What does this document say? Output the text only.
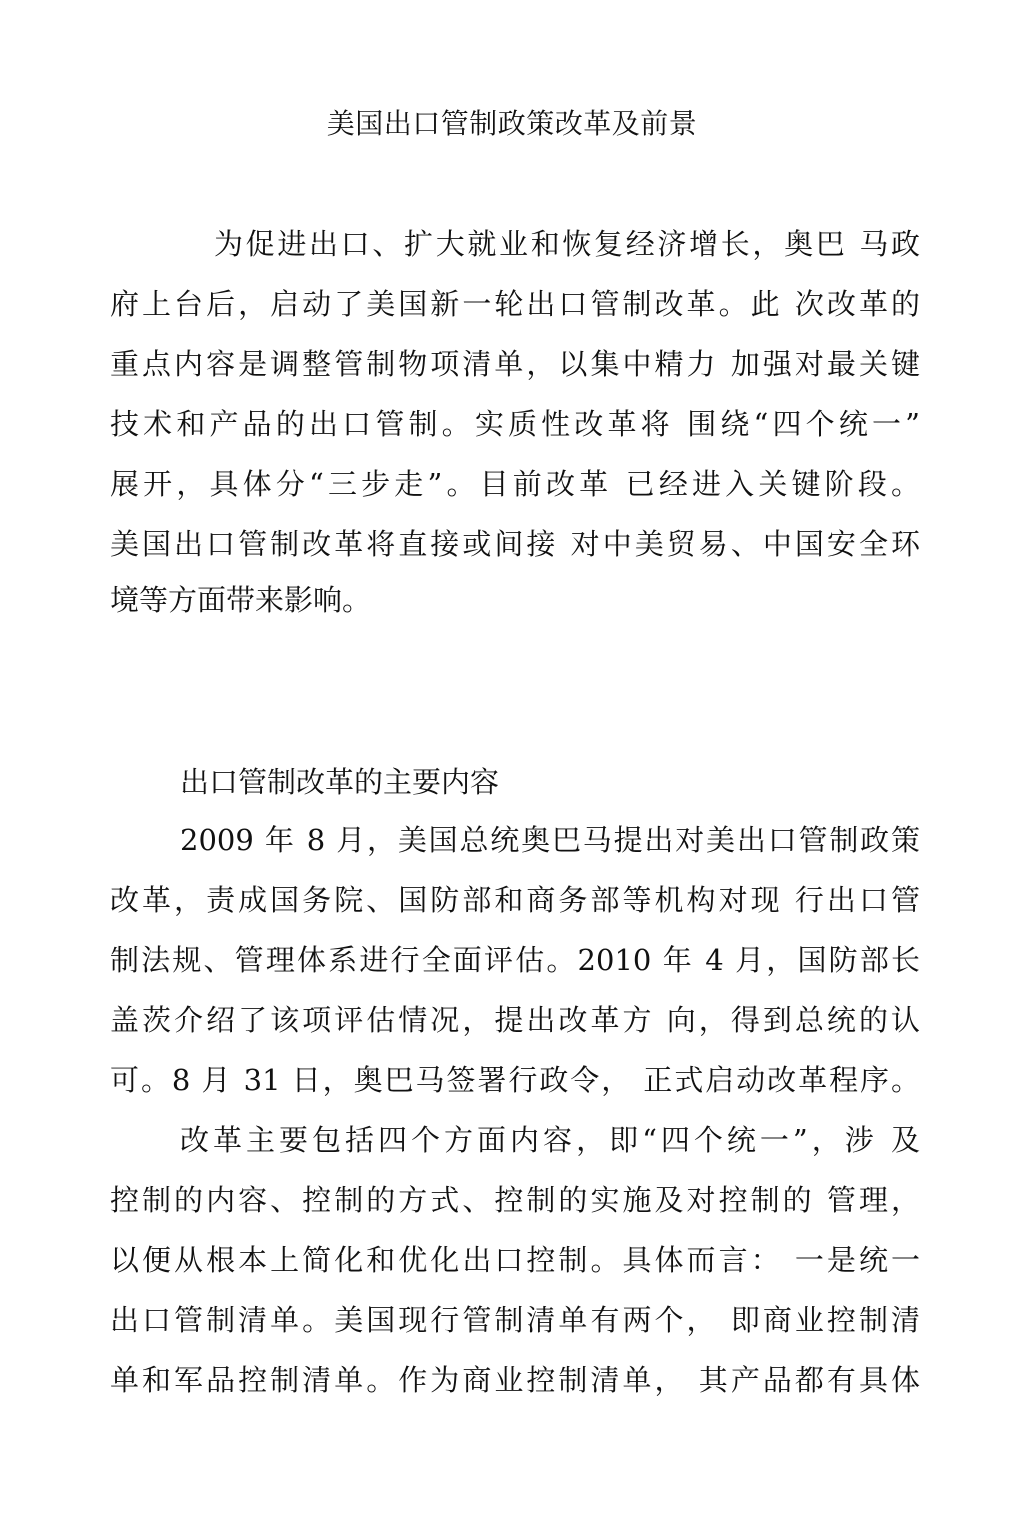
美国出口管制政策改革及前景

为促进出口、扩大就业和恢复经济增长，奥巴 马政

府上台后，启动了美国新一轮出口管制改革。此 次改革的

重点内容是调整管制物项清单，以集中精力 加强对最关键

技术和产品的出口管制。实质性改革将 围绕“四个统一”

展开，具体分“三步走”。目前改革 已经进入关键阶段。

美国出口管制改革将直接或间接 对中美贸易、中国安全环

境等方面带来影响。

出口管制改革的主要内容

2009 年 8 月，美国总统奥巴马提出对美出口管制政策

改革，责成国务院、国防部和商务部等机构对现 行出口管

制法规、管理体系进行全面评估。2010 年 4 月，国防部长

盖茨介绍了该项评估情况，提出改革方 向，得到总统的认

可。8 月 31 日，奥巴马签署行政令， 正式启动改革程序。

改革主要包括四个方面内容，即“四个统一”，涉 及

控制的内容、控制的方式、控制的实施及对控制的 管理，

以便从根本上简化和优化出口控制。具体而言： 一是统一

出口管制清单。美国现行管制清单有两个， 即商业控制清

单和军品控制清单。作为商业控制清单， 其产品都有具体
